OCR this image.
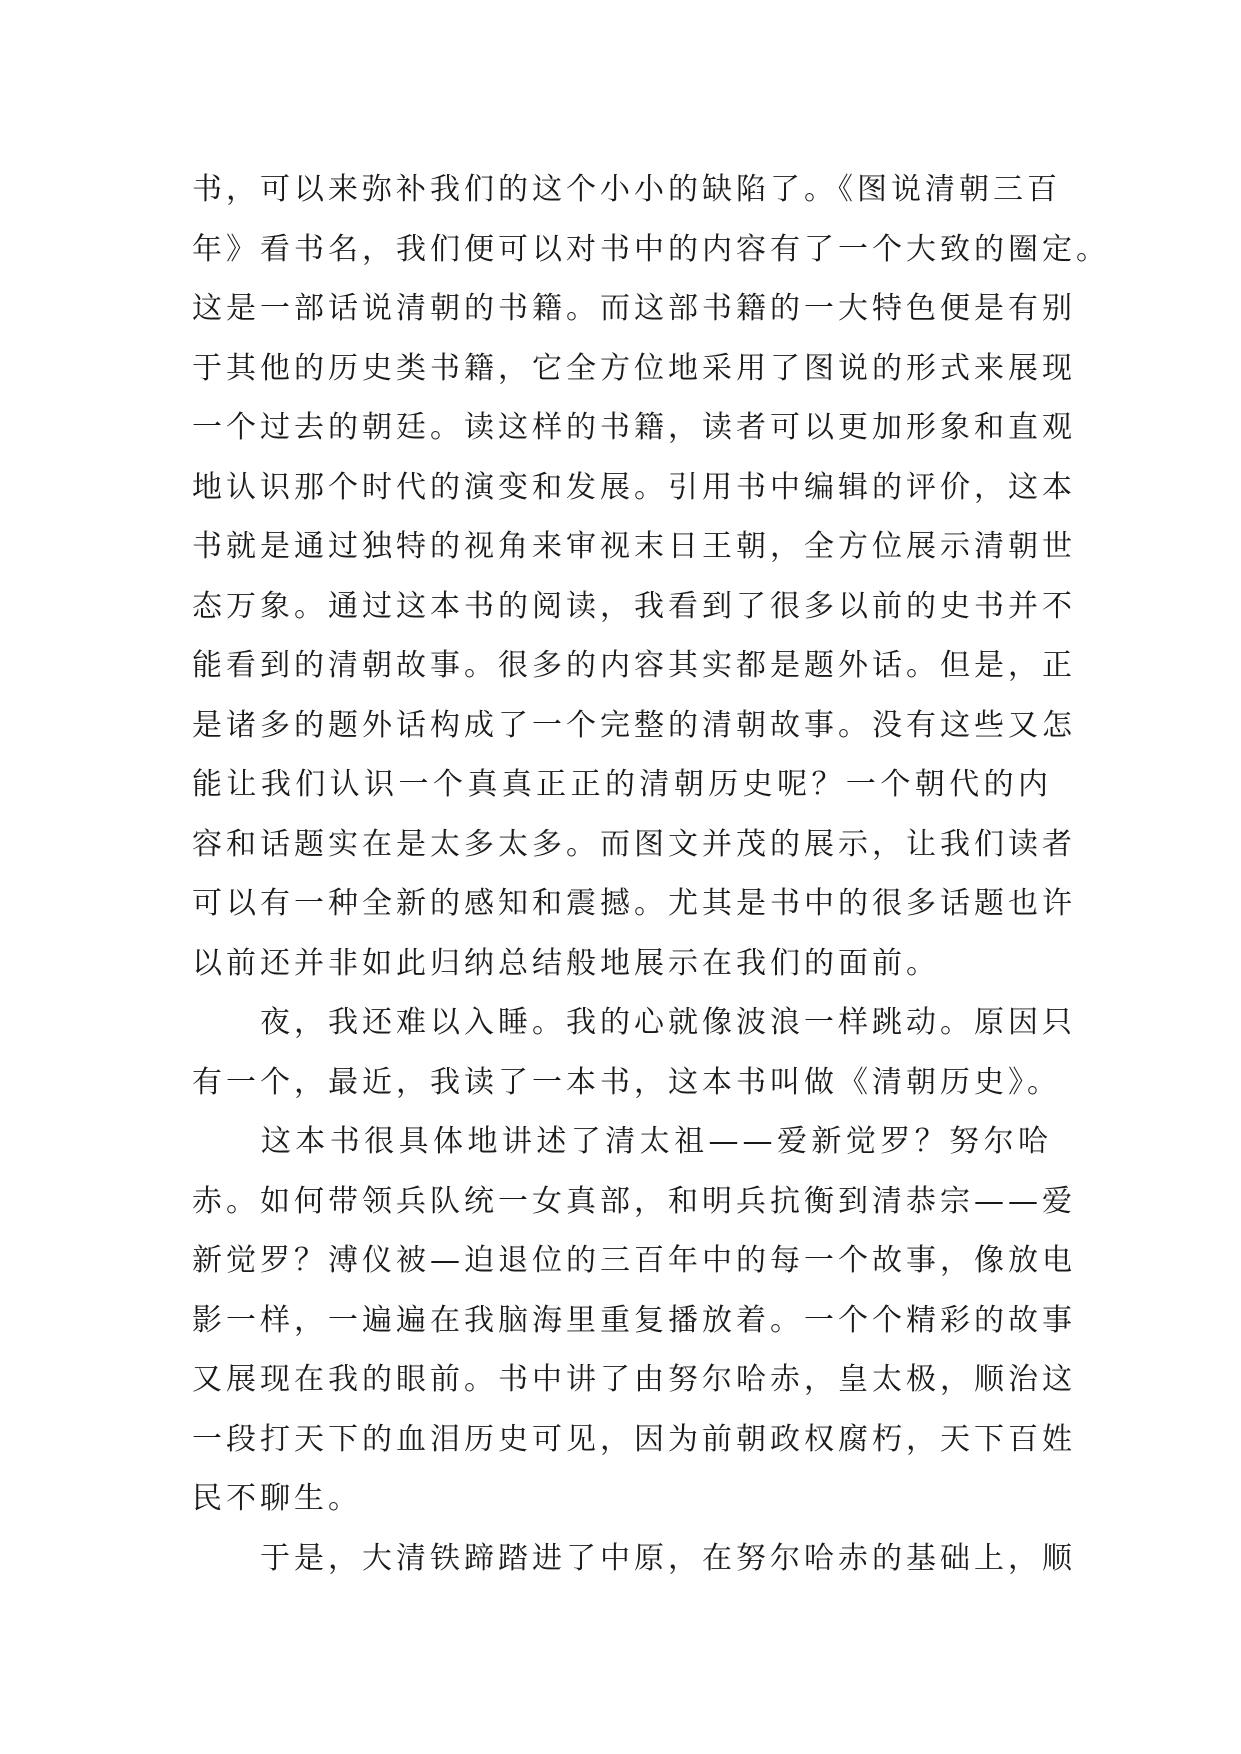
书，可以来弥补我们的这个小小的缺陷了。《图说清朝三百
年》看书名，我们便可以对书中的内容有了一个大致的圈定。
这是一部话说清朝的书籍。而这部书籍的一大特色便是有别
于其他的历史类书籍，它全方位地采用了图说的形式来展现
一个过去的朝廷。读这样的书籍，读者可以更加形象和直观
地认识那个时代的演变和发展。引用书中编辑的评价，这本
书就是通过独特的视角来审视末日王朝，全方位展示清朝世
态万象。通过这本书的阅读，我看到了很多以前的史书并不
能看到的清朝故事。很多的内容其实都是题外话。但是，正
是诸多的题外话构成了一个完整的清朝故事。没有这些又怎
能让我们认识一个真真正正的清朝历史呢？一个朝代的内
容和话题实在是太多太多。而图文并茂的展示，让我们读者
可以有一种全新的感知和震撼。尤其是书中的很多话题也许
以前还并非如此归纳总结般地展示在我们的面前。
　　夜，我还难以入睡。我的心就像波浪一样跳动。原因只
有一个，最近，我读了一本书，这本书叫做《清朝历史》。
　　这本书很具体地讲述了清太祖——爱新觉罗？努尔哈
赤。如何带领兵队统一女真部，和明兵抗衡到清恭宗——爱
新觉罗？溥仪被—迫退位的三百年中的每一个故事，像放电
影一样，一遍遍在我脑海里重复播放着。一个个精彩的故事
又展现在我的眼前。书中讲了由努尔哈赤，皇太极，顺治这
一段打天下的血泪历史可见，因为前朝政权腐朽，天下百姓
民不聊生。
　　于是，大清铁蹄踏进了中原，在努尔哈赤的基础上，顺
